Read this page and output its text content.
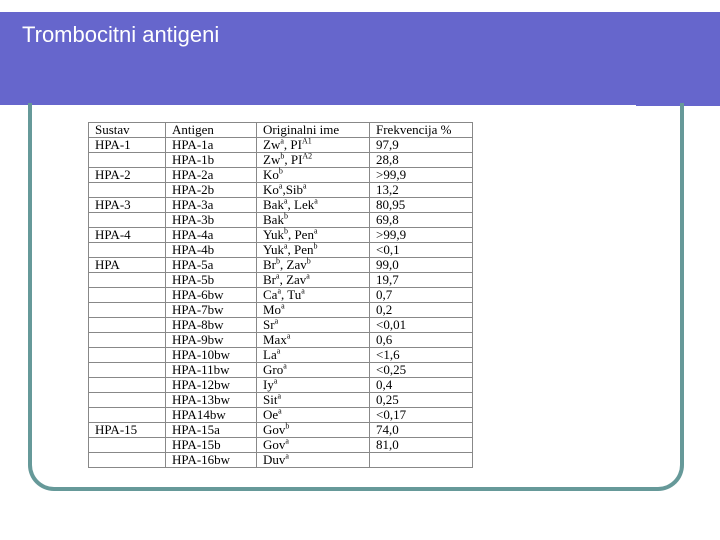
Trombocitni antigeni
Sustav	Antigen	Originalni ime	Frekvencija %
HPA-1	HPA-1a	Zw$^a$, $PI^{A1}$	97,9
	HPA-1b	Zw$^b$, $PI^{A2}$	28,8
HPA-2	HPA-2a	$Ko^b$	>99,9
	HPA-2b	Ko$^a$,Sib$^a$	13,2
HPA-3	HPA-3a	Bak$^a$, Lek$^a$	80,95
	HPA-3b	Bak$^b$	69,8
HPA-4	HPA-4a	Yuk$^b$, Pen$^a$	>99,9
	HPA-4b	Yuk$^a$, Pen$^b$	<0,1
HPA	HPA-5a	Br$^b$, Zav$^b$	99,0
	HPA-5b	Br$^a$, Zav$^a$	19,7
	HPA-6bw	Ca$^a$, Tu$^a$	0,7
	HPA-7bw	Mo$^a$	0,2
	HPA-8bw	$Sr^a$	<0,01
	HPA-9bw	Max$^a$	0,6
	HPA-10bw	$La^a$	<1,6
	HPA-11bw	Gro$^a$	<0,25
	HPA-12bw	Iy$^a$	0,4
	HPA-13bw	Sit$^a$	0,25
	HPA14bw	$Oe^a$	<0,17
HPA-15	HPA-15a	Gov$^b$	74,0
	HPA-15b	Gov$^a$	81,0
	HPA-16bw	Duv$^a$	
